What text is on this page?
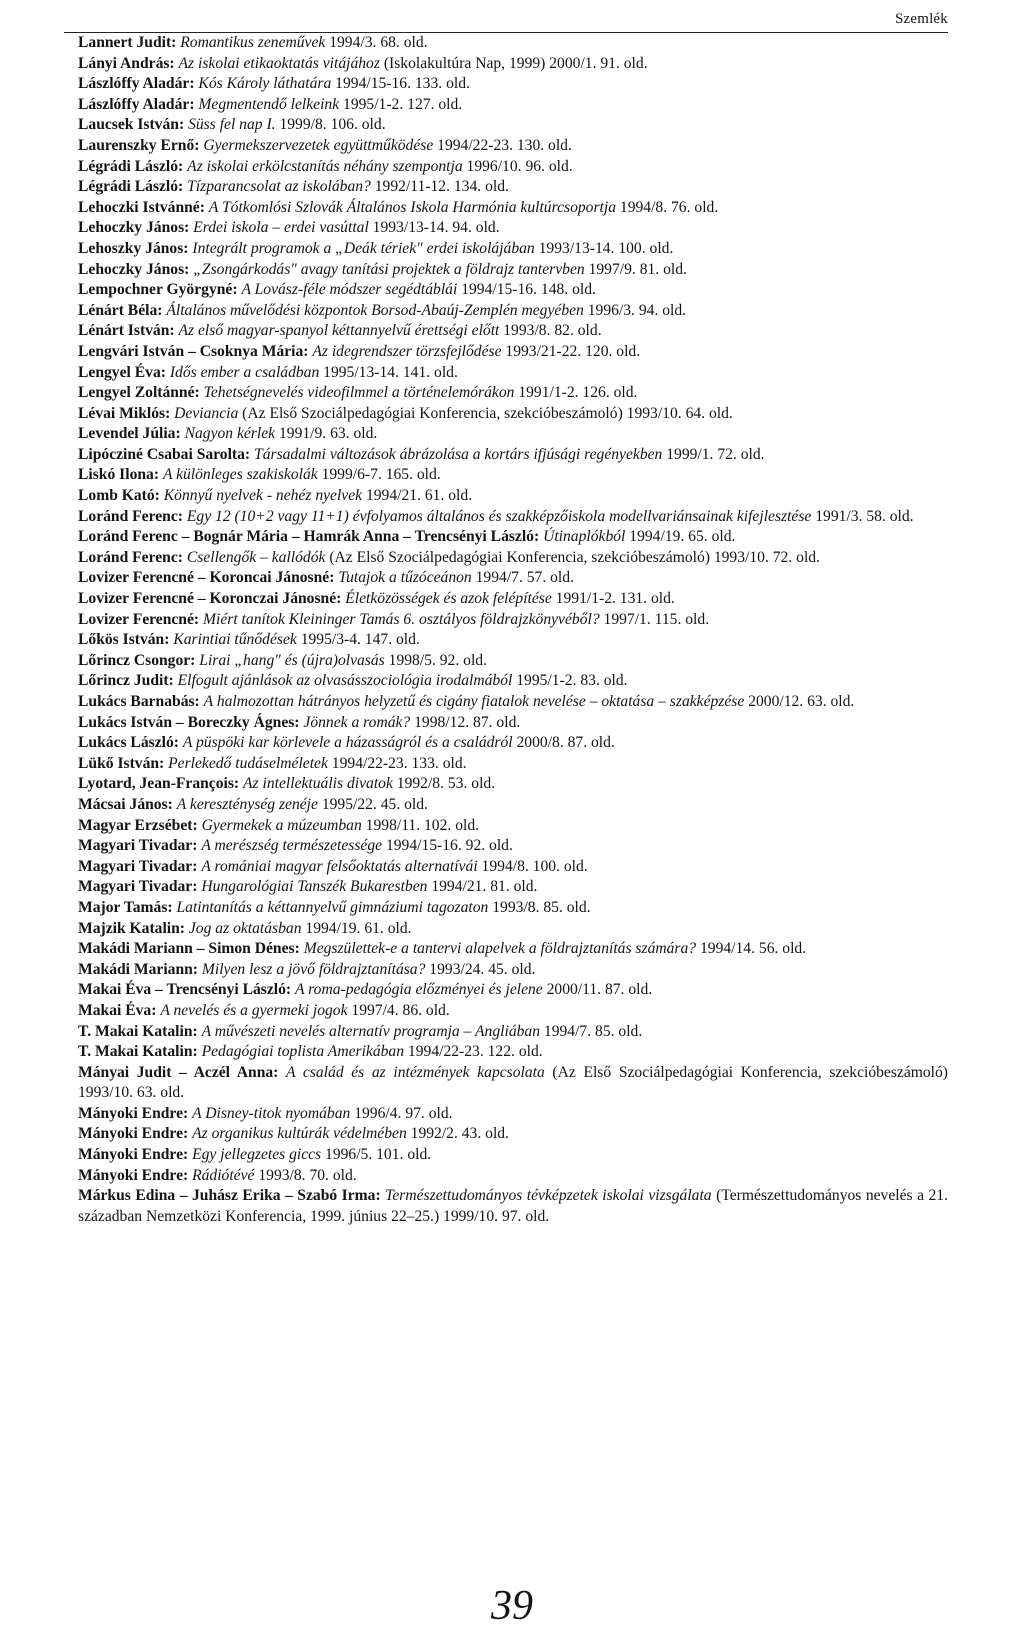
Szemlék

Lannert Judit: Romantikus zeneművek 1994/3. 68. old.

Lányi András: Az iskolai etikaoktatás vitájához (Iskolakultúra Nap, 1999) 2000/1. 91. old.

Lászlóffy Aladár: Kós Károly láthatára 1994/15-16. 133. old.

Lászlóffy Aladár: Megmentendő lelkeink 1995/1-2. 127. old.

Laucsek István: Süss fel nap I. 1999/8. 106. old.

Laurenszky Ernő: Gyermekszervezetek együttműködése 1994/22-23. 130. old.

Légrádi László: Az iskolai erkölcstanítás néhány szempontja 1996/10. 96. old.

Légrádi László: Tízparancsolat az iskolában? 1992/11-12. 134. old.

Lehoczki Istvánné: A Tótkomlósi Szlovák Általános Iskola Harmónia kultúrcsoportja 1994/8. 76. old.

Lehoczky János: Erdei iskola – erdei vasúttal 1993/13-14. 94. old.

Lehoszky János: Integrált programok a „Deák tériek" erdei iskolájában 1993/13-14. 100. old.

Lehoczky János: „Zsongárkodás" avagy tanítási projektek a földrajz tantervben 1997/9. 81. old.

Lempochner Györgyné: A Lovász-féle módszer segédtáblái 1994/15-16. 148. old.

Lénárt Béla: Általános művelődési központok Borsod-Abaúj-Zemplén megyében 1996/3. 94. old.

Lénárt István: Az első magyar-spanyol kéttannyelvű érettségi előtt 1993/8. 82. old.

Lengvári István – Csoknya Mária: Az idegrendszer törzsfejlődése 1993/21-22. 120. old.

Lengyel Éva: Idős ember a családban 1995/13-14. 141. old.

Lengyel Zoltánné: Tehetségnevelés videofilmmel a történelemórákon 1991/1-2. 126. old.

Lévai Miklós: Deviancia (Az Első Szociálpedagógiai Konferencia, szekcióbeszámoló) 1993/10. 64. old.

Levendel Júlia: Nagyon kérlek 1991/9. 63. old.

Lipócziné Csabai Sarolta: Társadalmi változások ábrázolása a kortárs ifjúsági regényekben 1999/1. 72. old.

Liskó Ilona: A különleges szakiskolák 1999/6-7. 165. old.

Lomb Kató: Könnyű nyelvek - nehéz nyelvek 1994/21. 61. old.

Loránd Ferenc: Egy 12 (10+2 vagy 11+1) évfolyamos általános és szakképzőiskola modellvariánsainak kifejlesztése 1991/3. 58. old.

Loránd Ferenc – Bognár Mária – Hamrák Anna – Trencsényi László: Útinaplókból 1994/19. 65. old.

Loránd Ferenc: Csellengők – kallódók (Az Első Szociálpedagógiai Konferencia, szekcióbeszámoló) 1993/10. 72. old.

Lovizer Ferencné – Koroncai Jánosné: Tutajok a tűzóceánon 1994/7. 57. old.

Lovizer Ferencné – Koronczai Jánosné: Életközösségek és azok felépítése 1991/1-2. 131. old.

Lovizer Ferencné: Miért tanítok Kleininger Tamás 6. osztályos földrajzkönyvéből? 1997/1. 115. old.

Lőkös István: Karintiai tűnődések 1995/3-4. 147. old.

Lőrincz Csongor: Lirai „hang" és (újra)olvasás 1998/5. 92. old.

Lőrincz Judit: Elfogult ajánlások az olvasásszociológia irodalmából 1995/1-2. 83. old.

Lukács Barnabás: A halmozottan hátrányos helyzetű és cigány fiatalok nevelése – oktatása – szakképzése 2000/12. 63. old.

Lukács István – Boreczky Ágnes: Jönnek a romák? 1998/12. 87. old.

Lukács László: A püspöki kar körlevele a házasságról és a családról 2000/8. 87. old.

Lükő István: Perlekedő tudáselméletek 1994/22-23. 133. old.

Lyotard, Jean-François: Az intellektuális divatok 1992/8. 53. old.

Mácsai János: A kereszténység zenéje 1995/22. 45. old.

Magyar Erzsébet: Gyermekek a múzeumban 1998/11. 102. old.

Magyari Tivadar: A merészség természetessége 1994/15-16. 92. old.

Magyari Tivadar: A romániai magyar felsőoktatás alternatívái 1994/8. 100. old.

Magyari Tivadar: Hungarológiai Tanszék Bukarestben 1994/21. 81. old.

Major Tamás: Latintanítás a kéttannyelvű gimnáziumi tagozaton 1993/8. 85. old.

Majzik Katalin: Jog az oktatásban 1994/19. 61. old.

Makádi Mariann – Simon Dénes: Megszülettek-e a tantervi alapelvek a földrajztanítás számára? 1994/14. 56. old.

Makádi Mariann: Milyen lesz a jövő földrajztanítása? 1993/24. 45. old.

Makai Éva – Trencsényi László: A roma-pedagógia előzményei és jelene 2000/11. 87. old.

Makai Éva: A nevelés és a gyermeki jogok 1997/4. 86. old.

T. Makai Katalin: A művészeti nevelés alternatív programja – Angliában 1994/7. 85. old.

T. Makai Katalin: Pedagógiai toplista Amerikában 1994/22-23. 122. old.

Mányai Judit – Aczél Anna: A család és az intézmények kapcsolata (Az Első Szociálpedagógiai Konferencia, szekcióbeszámoló) 1993/10. 63. old.

Mányoki Endre: A Disney-titok nyomában 1996/4. 97. old.

Mányoki Endre: Az organikus kultúrák védelmében 1992/2. 43. old.

Mányoki Endre: Egy jellegzetes giccs 1996/5. 101. old.

Mányoki Endre: Rádiótévé 1993/8. 70. old.

Márkus Edina – Juhász Erika – Szabó Irma: Természettudományos tévképzetek iskolai vizsgálata (Természettudományos nevelés a 21. században Nemzetközi Konferencia, 1999. június 22–25.) 1999/10. 97. old.

39
